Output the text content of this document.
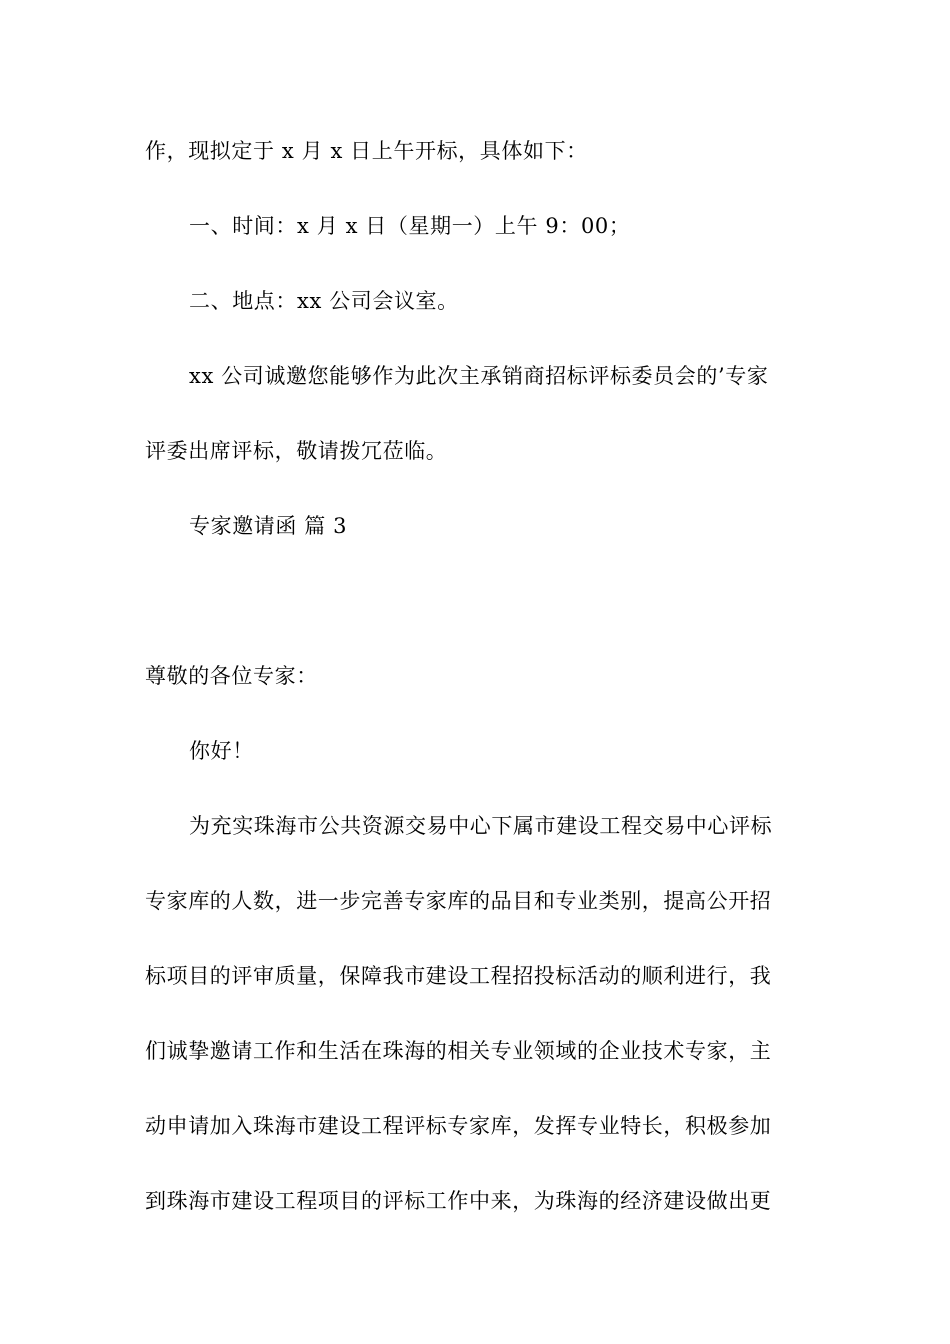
作，现拟定于 x 月 x 日上午开标，具体如下：
一、时间：x 月 x 日（星期一）上午 9：00；
二、地点：xx 公司会议室。
xx 公司诚邀您能够作为此次主承销商招标评标委员会的’专家
评委出席评标，敬请拨冗莅临。
专家邀请函 篇 3
尊敬的各位专家：
你好！
为充实珠海市公共资源交易中心下属市建设工程交易中心评标
专家库的人数，进一步完善专家库的品目和专业类别，提高公开招
标项目的评审质量，保障我市建设工程招投标活动的顺利进行，我
们诚挚邀请工作和生活在珠海的相关专业领域的企业技术专家，主
动申请加入珠海市建设工程评标专家库，发挥专业特长，积极参加
到珠海市建设工程项目的评标工作中来，为珠海的经济建设做出更
